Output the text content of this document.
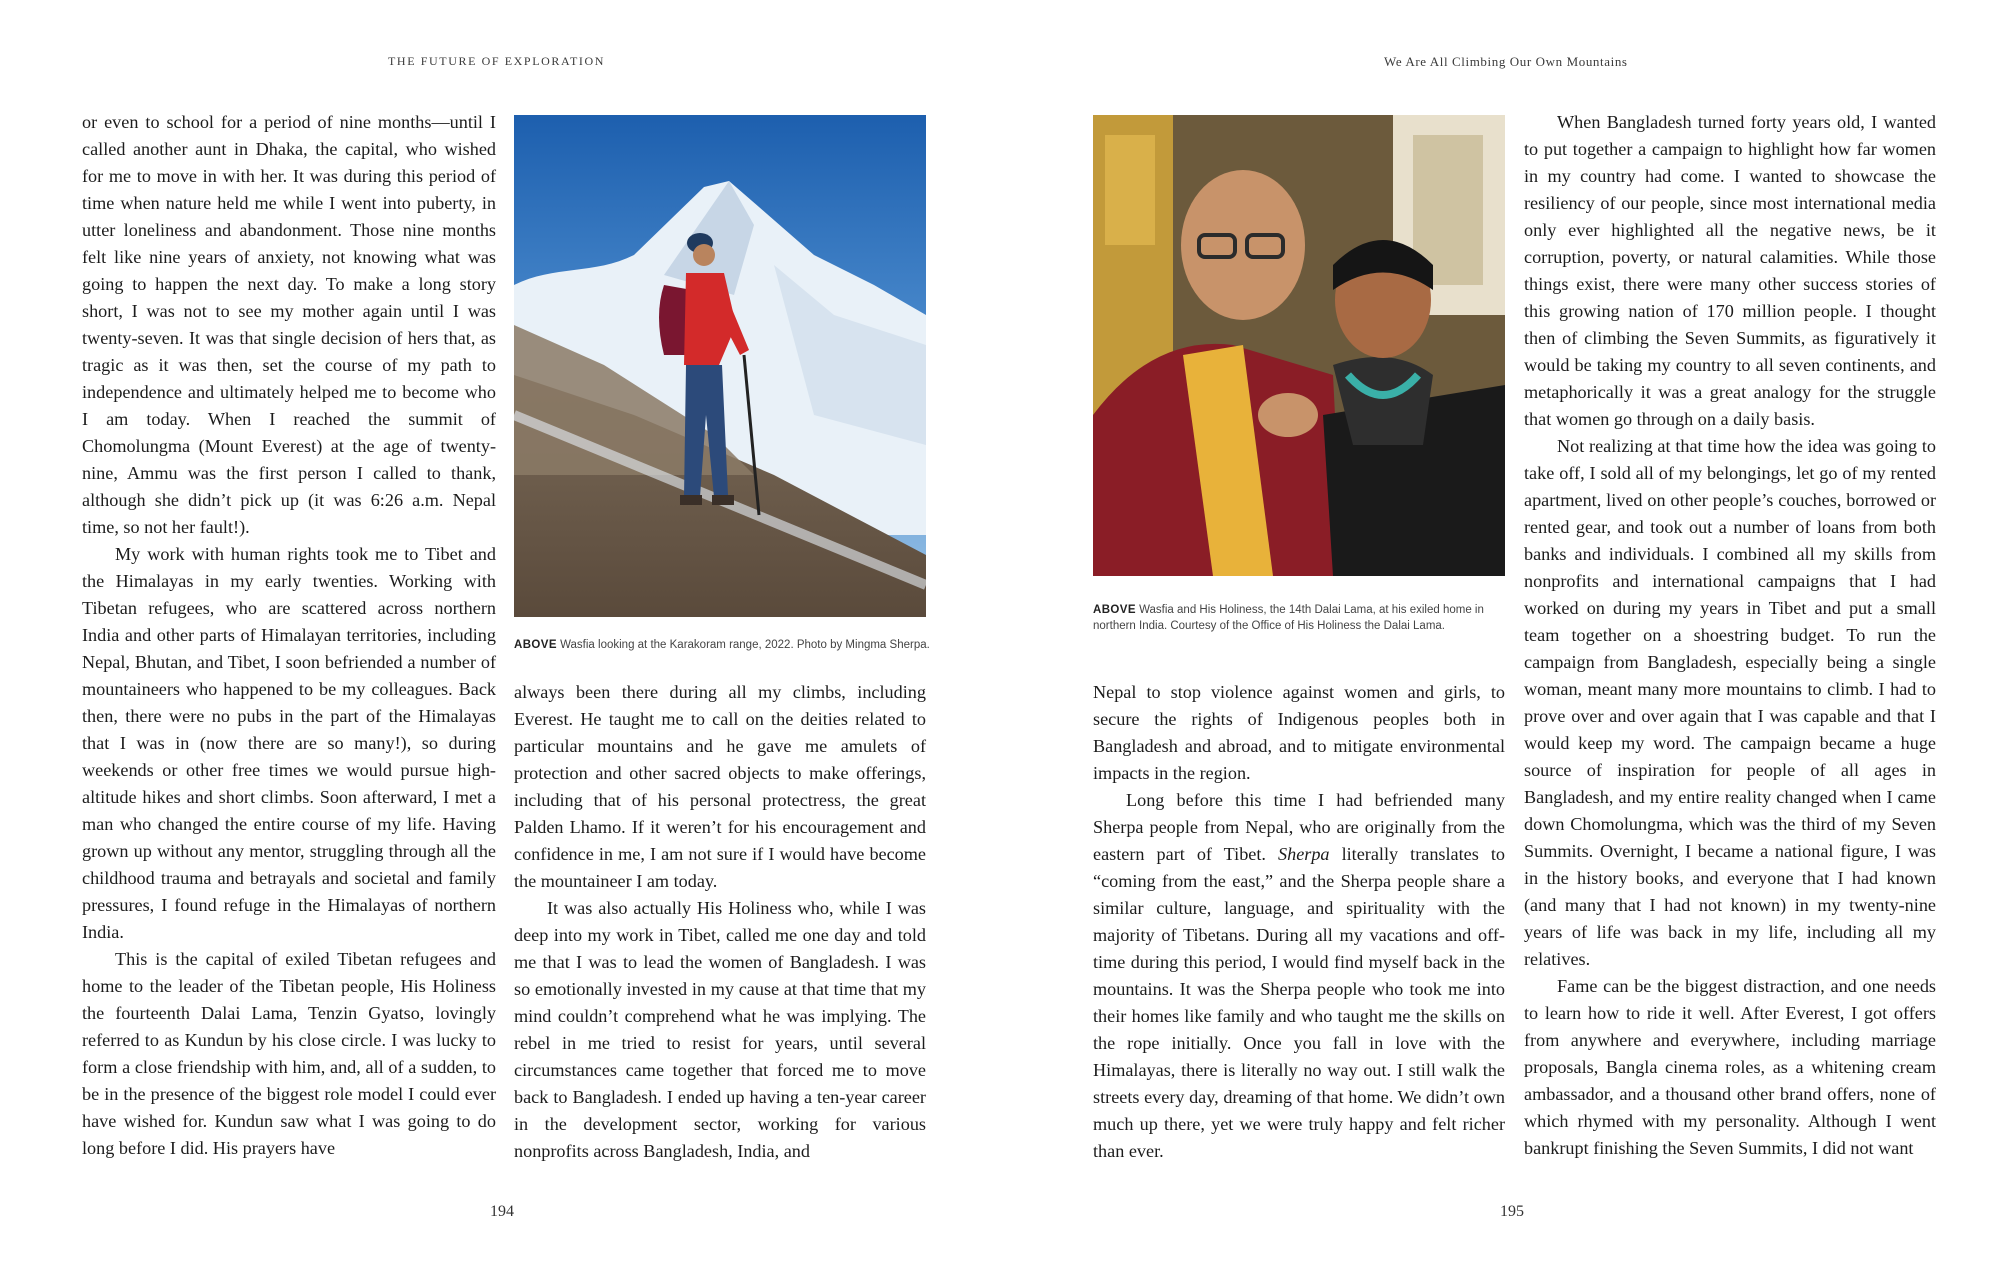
THE FUTURE OF EXPLORATION	We Are All Climbing Our Own Mountains

or even to school for a period of nine months—until I called another aunt in Dhaka, the capital, who wished for me to move in with her. It was during this period of time when nature held me while I went into puberty, in utter loneliness and abandonment. Those nine months felt like nine years of anxiety, not knowing what was going to happen the next day. To make a long story short, I was not to see my mother again until I was twenty-seven. It was that single decision of hers that, as tragic as it was then, set the course of my path to independence and ultimately helped me to become who I am today. When I reached the summit of Chomolungma (Mount Everest) at the age of twenty-nine, Ammu was the first person I called to thank, although she didn’t pick up (it was 6:26 a.m. Nepal time, so not her fault!).

My work with human rights took me to Tibet and the Himalayas in my early twenties. Working with Tibetan refugees, who are scattered across northern India and other parts of Himalayan territories, including Nepal, Bhutan, and Tibet, I soon befriended a number of mountaineers who happened to be my colleagues. Back then, there were no pubs in the part of the Himalayas that I was in (now there are so many!), so during weekends or other free times we would pursue high-altitude hikes and short climbs. Soon afterward, I met a man who changed the entire course of my life. Having grown up without any mentor, struggling through all the childhood trauma and betrayals and societal and family pressures, I found refuge in the Himalayas of northern India.

This is the capital of exiled Tibetan refugees and home to the leader of the Tibetan people, His Holiness the fourteenth Dalai Lama, Tenzin Gyatso, lovingly referred to as Kundun by his close circle. I was lucky to form a close friendship with him, and, all of a sudden, to be in the presence of the biggest role model I could ever have wished for. Kundun saw what I was going to do long before I did. His prayers have

ABOVE Wasfia looking at the Karakoram range, 2022. Photo by Mingma Sherpa.

always been there during all my climbs, including Everest. He taught me to call on the deities related to particular mountains and he gave me amulets of protection and other sacred objects to make offerings, including that of his personal protectress, the great Palden Lhamo. If it weren’t for his encouragement and confidence in me, I am not sure if I would have become the mountaineer I am today.

It was also actually His Holiness who, while I was deep into my work in Tibet, called me one day and told me that I was to lead the women of Bangladesh. I was so emotionally invested in my cause at that time that my mind couldn’t comprehend what he was implying. The rebel in me tried to resist for years, until several circumstances came together that forced me to move back to Bangladesh. I ended up having a ten-year career in the development sector, working for various nonprofits across Bangladesh, India, and

194
ABOVE Wasfia and His Holiness, the 14th Dalai Lama, at his exiled home in northern India. Courtesy of the Office of His Holiness the Dalai Lama.

Nepal to stop violence against women and girls, to secure the rights of Indigenous peoples both in Bangladesh and abroad, and to mitigate environmental impacts in the region.

Long before this time I had befriended many Sherpa people from Nepal, who are originally from the eastern part of Tibet. Sherpa literally translates to “coming from the east,” and the Sherpa people share a similar culture, language, and spirituality with the majority of Tibetans. During all my vacations and off-time during this period, I would find myself back in the mountains. It was the Sherpa people who took me into their homes like family and who taught me the skills on the rope initially. Once you fall in love with the Himalayas, there is literally no way out. I still walk the streets every day, dreaming of that home. We didn’t own much up there, yet we were truly happy and felt richer than ever.

When Bangladesh turned forty years old, I wanted to put together a campaign to highlight how far women in my country had come. I wanted to showcase the resiliency of our people, since most international media only ever highlighted all the negative news, be it corruption, poverty, or natural calamities. While those things exist, there were many other success stories of this growing nation of 170 million people. I thought then of climbing the Seven Summits, as figuratively it would be taking my country to all seven continents, and metaphorically it was a great analogy for the struggle that women go through on a daily basis.

Not realizing at that time how the idea was going to take off, I sold all of my belongings, let go of my rented apartment, lived on other people’s couches, borrowed or rented gear, and took out a number of loans from both banks and individuals. I combined all my skills from nonprofits and international campaigns that I had worked on during my years in Tibet and put a small team together on a shoestring budget. To run the campaign from Bangladesh, especially being a single woman, meant many more mountains to climb. I had to prove over and over again that I was capable and that I would keep my word. The campaign became a huge source of inspiration for people of all ages in Bangladesh, and my entire reality changed when I came down Chomolungma, which was the third of my Seven Summits. Overnight, I became a national figure, I was in the history books, and everyone that I had known (and many that I had not known) in my twenty-nine years of life was back in my life, including all my relatives.

Fame can be the biggest distraction, and one needs to learn how to ride it well. After Everest, I got offers from anywhere and everywhere, including marriage proposals, Bangla cinema roles, as a whitening cream ambassador, and a thousand other brand offers, none of which rhymed with my personality. Although I went bankrupt finishing the Seven Summits, I did not want

195
